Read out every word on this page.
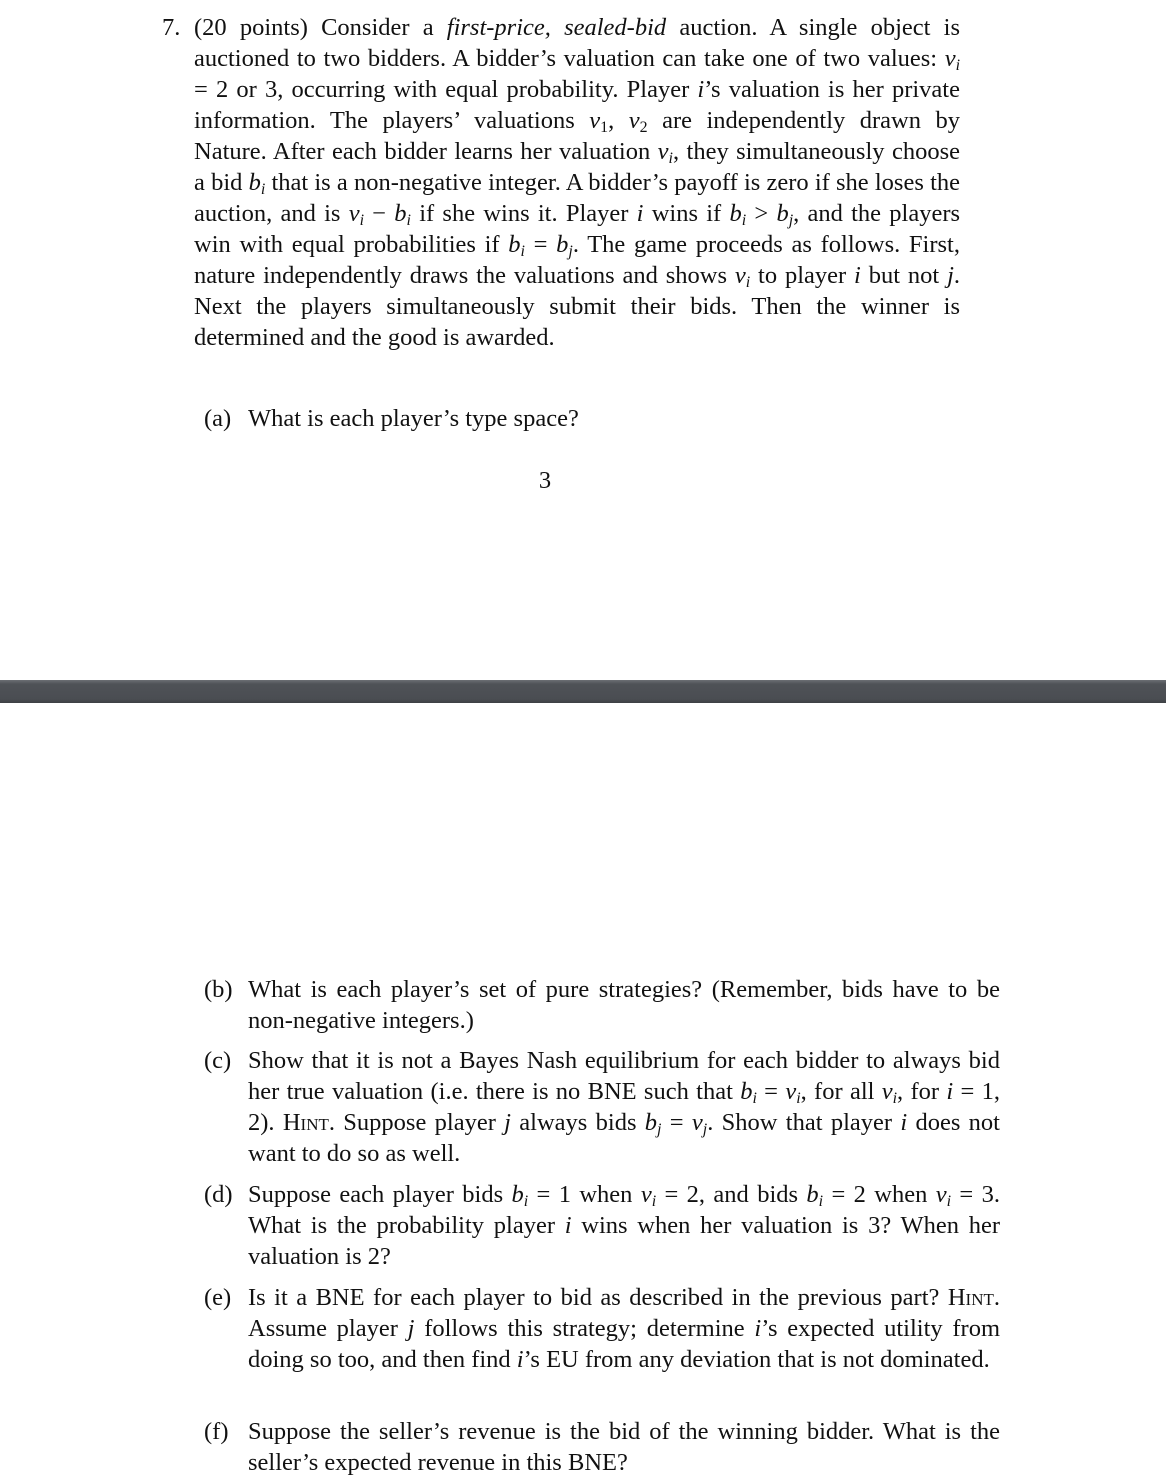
7. (20 points) Consider a first-price, sealed-bid auction. A single object is auctioned to two bidders. A bidder’s valuation can take one of two values: $v_i = 2$ or 3, occurring with equal probability. Player i’s valuation is her private information. The players’ valuations $v_1$, $v_2$ are independently drawn by Nature. After each bidder learns her valuation $v_i$, they simultaneously choose a bid $b_i$ that is a non-negative integer. A bidder’s payoff is zero if she loses the auction, and is $v_i - b_i$ if she wins it. Player i wins if $b_i > b_j$, and the players win with equal probabilities if $b_i = b_j$. The game proceeds as follows. First, nature independently draws the valuations and shows $v_i$ to player i but not j. Next the players simultaneously submit their bids. Then the winner is determined and the good is awarded.
(a) What is each player’s type space?
3
(b) What is each player’s set of pure strategies? (Remember, bids have to be non-negative integers.)
(c) Show that it is not a Bayes Nash equilibrium for each bidder to always bid her true valuation (i.e. there is no BNE such that $b_i = v_i$, for all $v_i$, for i = 1, 2). Hint. Suppose player j always bids $b_j = v_j$. Show that player i does not want to do so as well.
(d) Suppose each player bids $b_i = 1$ when $v_i = 2$, and bids $b_i = 2$ when $v_i = 3$. What is the probability player i wins when her valuation is 3? When her valuation is 2?
(e) Is it a BNE for each player to bid as described in the previous part? Hint. Assume player j follows this strategy; determine i’s expected utility from doing so too, and then find i’s EU from any deviation that is not dominated.
(f) Suppose the seller’s revenue is the bid of the winning bidder. What is the seller’s expected revenue in this BNE?
